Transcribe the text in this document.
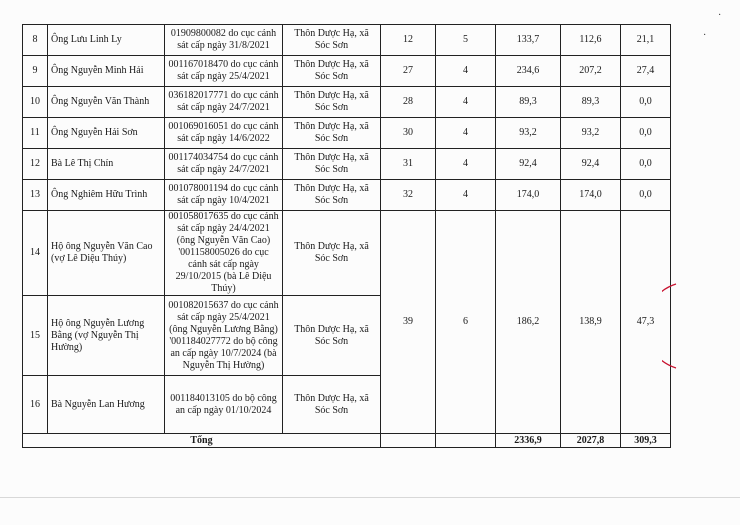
8	Ông Lưu Linh Ly	01909800082 do cục cảnh sát cấp ngày 31/8/2021	Thôn Dược Hạ, xã Sóc Sơn	12	5	133,7	112,6	21,1
9	Ông Nguyễn Minh Hải	001167018470 do cục cảnh sát cấp ngày 25/4/2021	Thôn Dược Hạ, xã Sóc Sơn	27	4	234,6	207,2	27,4
10	Ông Nguyễn Văn Thành	036182017771 do cục cảnh sát cấp ngày 24/7/2021	Thôn Dược Hạ, xã Sóc Sơn	28	4	89,3	89,3	0,0
11	Ông Nguyễn Hải Sơn	001069016051 do cục cảnh sát cấp ngày 14/6/2022	Thôn Dược Hạ, xã Sóc Sơn	30	4	93,2	93,2	0,0
12	Bà Lê Thị Chín	001174034754 do cục cảnh sát cấp ngày 24/7/2021	Thôn Dược Hạ, xã Sóc Sơn	31	4	92,4	92,4	0,0
13	Ông Nghiêm Hữu Trình	001078001194 do cục cảnh sát cấp ngày 10/4/2021	Thôn Dược Hạ, xã Sóc Sơn	32	4	174,0	174,0	0,0
14	Hộ ông Nguyễn Văn Cao (vợ Lê Diệu Thúy)	001058017635 do cục cảnh sát cấp ngày 24/4/2021 (ông Nguyễn Văn Cao) '001158005026 do cục cảnh sát cấp ngày 29/10/2015 (bà Lê Diệu Thúy)	Thôn Dược Hạ, xã Sóc Sơn	39	6	186,2	138,9	47,3
15	Hộ ông Nguyễn Lương Bằng (vợ Nguyễn Thị Hường)	001082015637 do cục cảnh sát cấp ngày 25/4/2021 (ông Nguyễn Lương Bằng) '001184027772 do bộ công an cấp ngày 10/7/2024 (bà Nguyễn Thị Hường)	Thôn Dược Hạ, xã Sóc Sơn					
16	Bà Nguyễn Lan Hương	001184013105 do bộ công an cấp ngày 01/10/2024	Thôn Dược Hạ, xã Sóc Sơn					
Tổng						2336,9	2027,8	309,3
·
·
